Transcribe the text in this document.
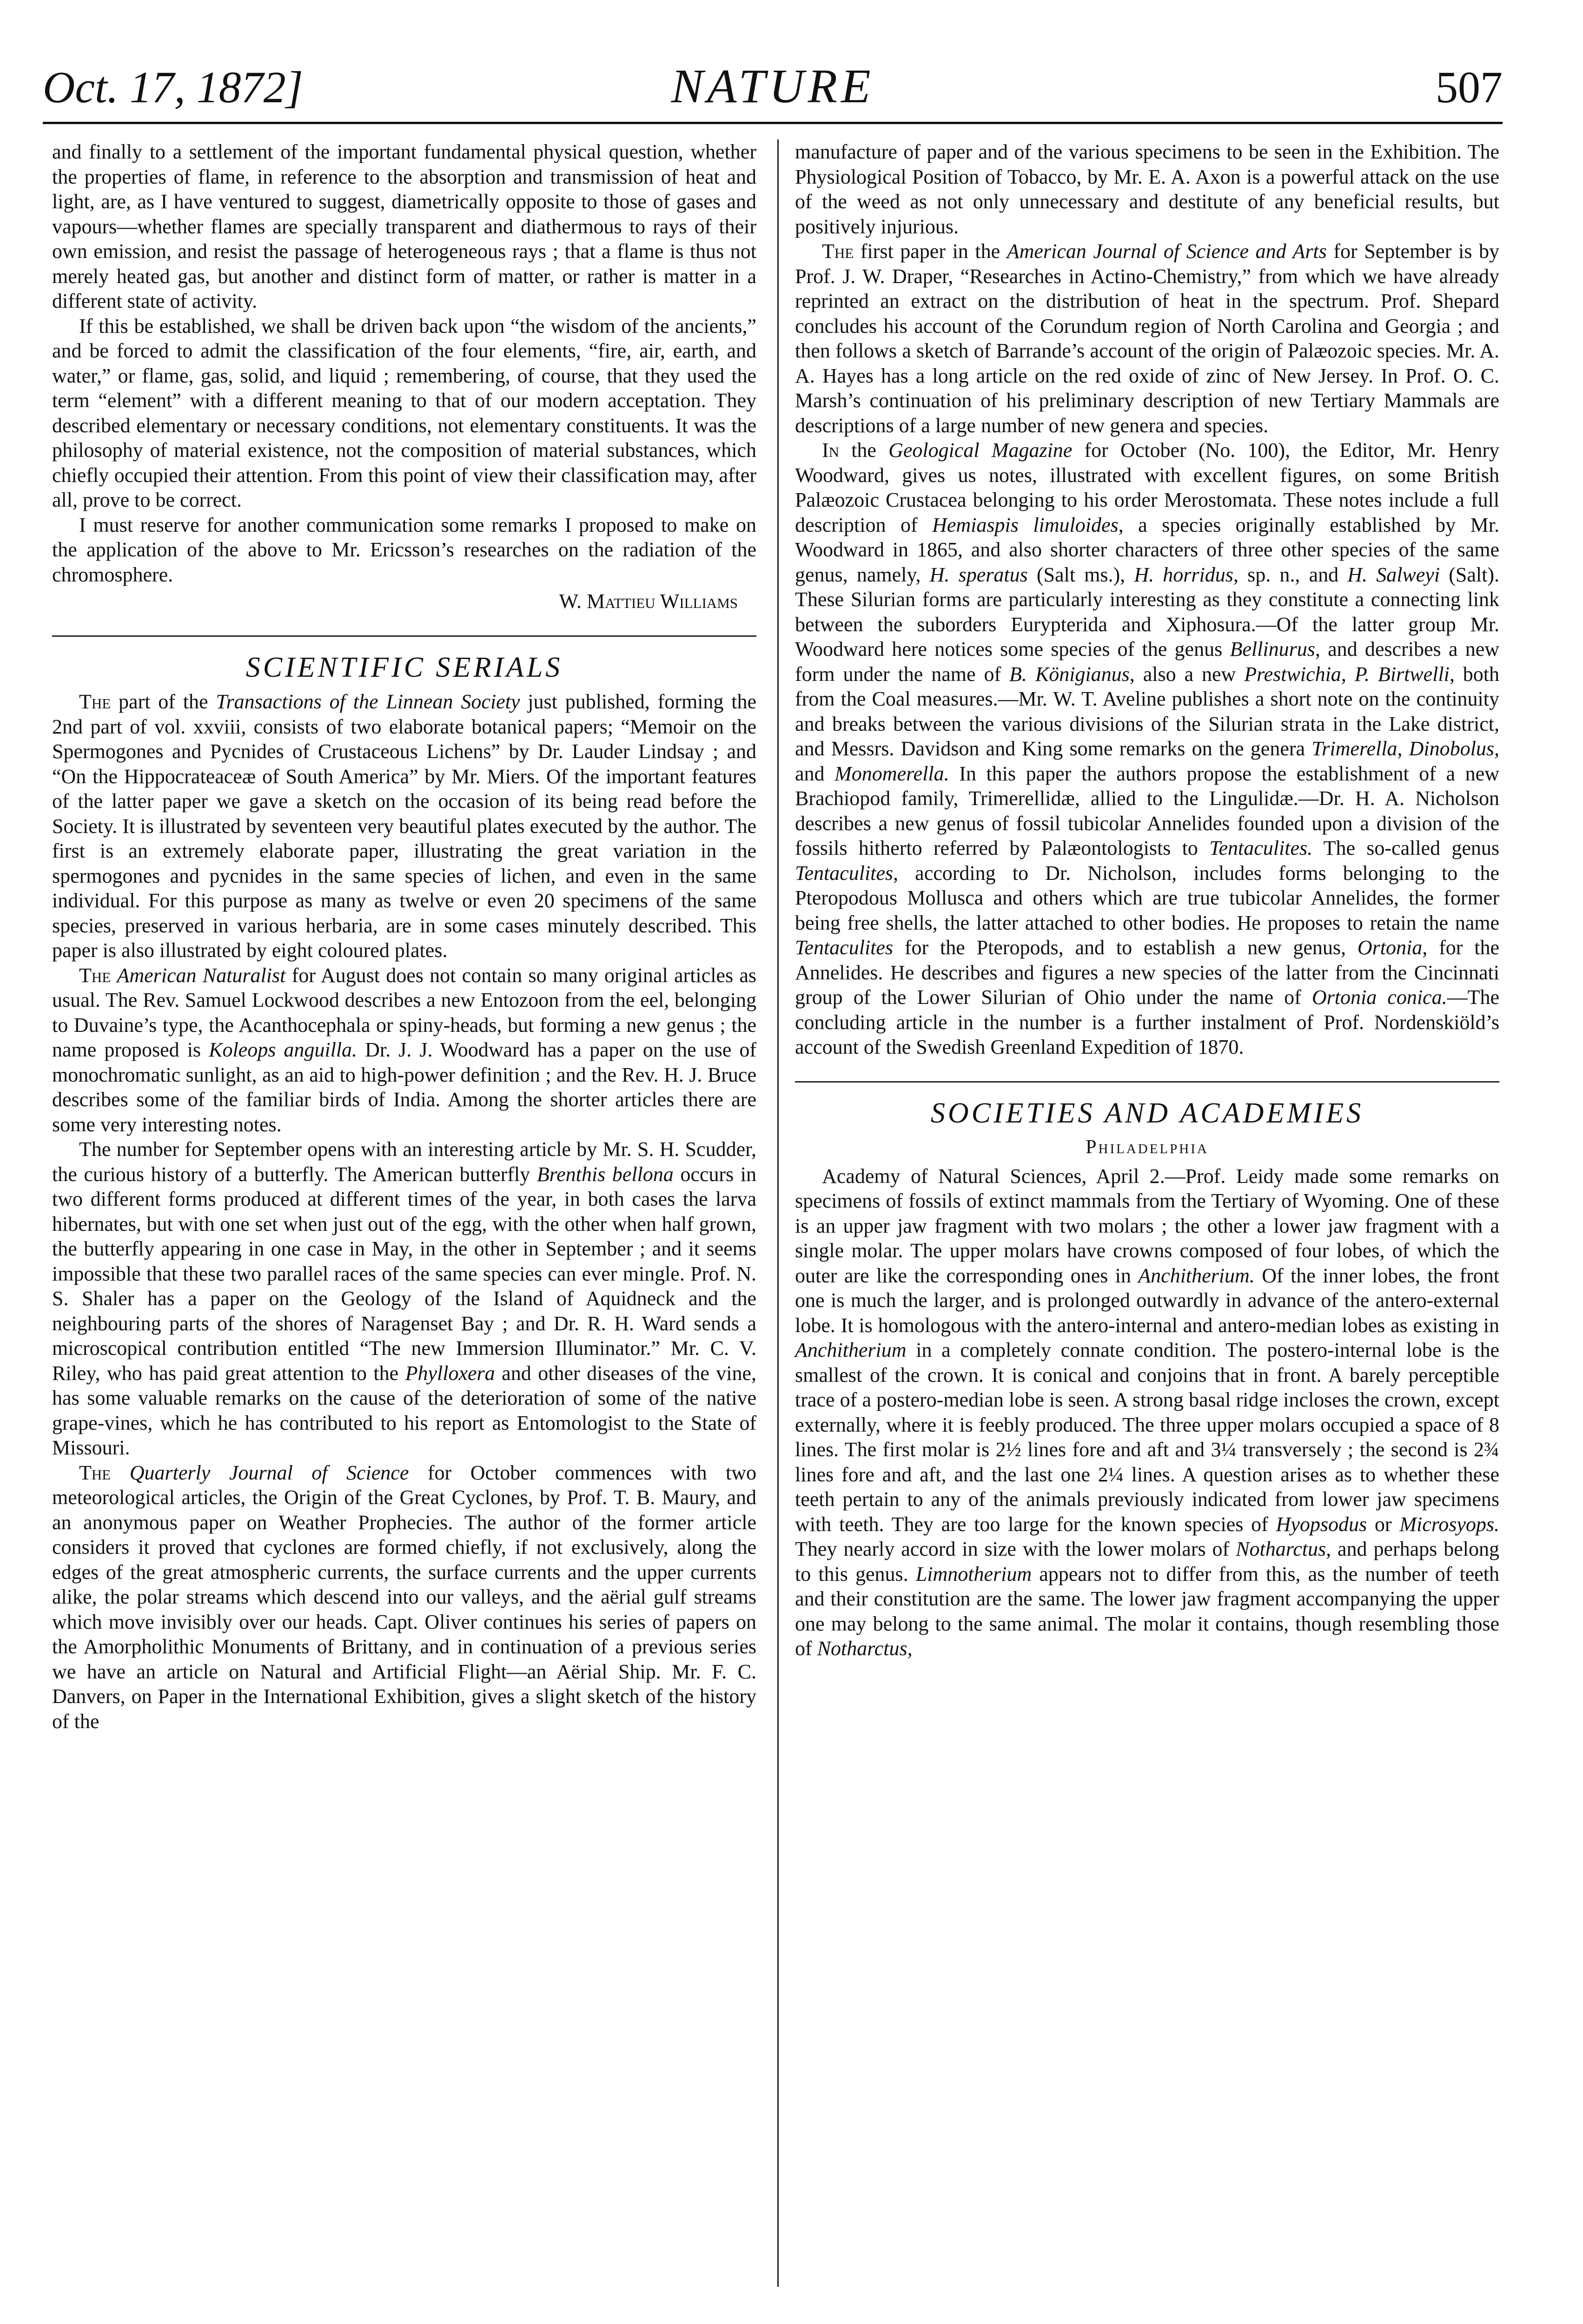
Oct. 17, 1872]	NATURE	507

and finally to a settlement of the important fundamental physical question, whether the properties of flame, in reference to the absorption and transmission of heat and light, are, as I have ventured to suggest, diametrically opposite to those of gases and vapours—whether flames are specially transparent and diathermous to rays of their own emission, and resist the passage of heterogeneous rays ; that a flame is thus not merely heated gas, but another and distinct form of matter, or rather is matter in a different state of activity.

If this be established, we shall be driven back upon “the wisdom of the ancients,” and be forced to admit the classification of the four elements, “fire, air, earth, and water,” or flame, gas, solid, and liquid ; remembering, of course, that they used the term “element” with a different meaning to that of our modern acceptation. They described elementary or necessary conditions, not elementary constituents. It was the philosophy of material existence, not the composition of material substances, which chiefly occupied their attention. From this point of view their classification may, after all, prove to be correct.

I must reserve for another communication some remarks I proposed to make on the application of the above to Mr. Ericsson’s researches on the radiation of the chromosphere.

W. Mattieu Williams
SCIENTIFIC SERIALS

The part of the Transactions of the Linnean Society just published, forming the 2nd part of vol. xxviii, consists of two elaborate botanical papers; “Memoir on the Spermogones and Pycnides of Crustaceous Lichens” by Dr. Lauder Lindsay ; and “On the Hippocrateaceæ of South America” by Mr. Miers. Of the important features of the latter paper we gave a sketch on the occasion of its being read before the Society. It is illustrated by seventeen very beautiful plates executed by the author. The first is an extremely elaborate paper, illustrating the great variation in the spermogones and pycnides in the same species of lichen, and even in the same individual. For this purpose as many as twelve or even 20 specimens of the same species, preserved in various herbaria, are in some cases minutely described. This paper is also illustrated by eight coloured plates.

The American Naturalist for August does not contain so many original articles as usual. The Rev. Samuel Lockwood describes a new Entozoon from the eel, belonging to Duvaine’s type, the Acanthocephala or spiny-heads, but forming a new genus ; the name proposed is Koleops anguilla. Dr. J. J. Woodward has a paper on the use of monochromatic sunlight, as an aid to high-power definition ; and the Rev. H. J. Bruce describes some of the familiar birds of India. Among the shorter articles there are some very interesting notes.

The number for September opens with an interesting article by Mr. S. H. Scudder, the curious history of a butterfly. The American butterfly Brenthis bellona occurs in two different forms produced at different times of the year, in both cases the larva hibernates, but with one set when just out of the egg, with the other when half grown, the butterfly appearing in one case in May, in the other in September ; and it seems impossible that these two parallel races of the same species can ever mingle. Prof. N. S. Shaler has a paper on the Geology of the Island of Aquidneck and the neighbouring parts of the shores of Naragenset Bay ; and Dr. R. H. Ward sends a microscopical contribution entitled “The new Immersion Illuminator.” Mr. C. V. Riley, who has paid great attention to the Phylloxera and other diseases of the vine, has some valuable remarks on the cause of the deterioration of some of the native grape-vines, which he has contributed to his report as Entomologist to the State of Missouri.

The Quarterly Journal of Science for October commences with two meteorological articles, the Origin of the Great Cyclones, by Prof. T. B. Maury, and an anonymous paper on Weather Prophecies. The author of the former article considers it proved that cyclones are formed chiefly, if not exclusively, along the edges of the great atmospheric currents, the surface currents and the upper currents alike, the polar streams which descend into our valleys, and the aërial gulf streams which move invisibly over our heads. Capt. Oliver continues his series of papers on the Amorpholithic Monuments of Brittany, and in continuation of a previous series we have an article on Natural and Artificial Flight—an Aërial Ship. Mr. F. C. Danvers, on Paper in the International Exhibition, gives a slight sketch of the history of the

manufacture of paper and of the various specimens to be seen in the Exhibition. The Physiological Position of Tobacco, by Mr. E. A. Axon is a powerful attack on the use of the weed as not only unnecessary and destitute of any beneficial results, but positively injurious.

The first paper in the American Journal of Science and Arts for September is by Prof. J. W. Draper, “Researches in Actino-Chemistry,” from which we have already reprinted an extract on the distribution of heat in the spectrum. Prof. Shepard concludes his account of the Corundum region of North Carolina and Georgia ; and then follows a sketch of Barrande’s account of the origin of Palæozoic species. Mr. A. A. Hayes has a long article on the red oxide of zinc of New Jersey. In Prof. O. C. Marsh’s continuation of his preliminary description of new Tertiary Mammals are descriptions of a large number of new genera and species.

In the Geological Magazine for October (No. 100), the Editor, Mr. Henry Woodward, gives us notes, illustrated with excellent figures, on some British Palæozoic Crustacea belonging to his order Merostomata. These notes include a full description of Hemiaspis limuloides, a species originally established by Mr. Woodward in 1865, and also shorter characters of three other species of the same genus, namely, H. speratus (Salt ms.), H. horridus, sp. n., and H. Salweyi (Salt). These Silurian forms are particularly interesting as they constitute a connecting link between the suborders Eurypterida and Xiphosura.—Of the latter group Mr. Woodward here notices some species of the genus Bellinurus, and describes a new form under the name of B. Königianus, also a new Prestwichia, P. Birtwelli, both from the Coal measures.—Mr. W. T. Aveline publishes a short note on the continuity and breaks between the various divisions of the Silurian strata in the Lake district, and Messrs. Davidson and King some remarks on the genera Trimerella, Dinobolus, and Monomerella. In this paper the authors propose the establishment of a new Brachiopod family, Trimerellidæ, allied to the Lingulidæ.—Dr. H. A. Nicholson describes a new genus of fossil tubicolar Annelides founded upon a division of the fossils hitherto referred by Palæontologists to Tentaculites. The so-called genus Tentaculites, according to Dr. Nicholson, includes forms belonging to the Pteropodous Mollusca and others which are true tubicolar Annelides, the former being free shells, the latter attached to other bodies. He proposes to retain the name Tentaculites for the Pteropods, and to establish a new genus, Ortonia, for the Annelides. He describes and figures a new species of the latter from the Cincinnati group of the Lower Silurian of Ohio under the name of Ortonia conica.—The concluding article in the number is a further instalment of Prof. Nordenskiöld’s account of the Swedish Greenland Expedition of 1870.

SOCIETIES AND ACADEMIES
Philadelphia

Academy of Natural Sciences, April 2.—Prof. Leidy made some remarks on specimens of fossils of extinct mammals from the Tertiary of Wyoming. One of these is an upper jaw fragment with two molars ; the other a lower jaw fragment with a single molar. The upper molars have crowns composed of four lobes, of which the outer are like the corresponding ones in Anchitherium. Of the inner lobes, the front one is much the larger, and is prolonged outwardly in advance of the antero-external lobe. It is homologous with the antero-internal and antero-median lobes as existing in Anchitherium in a completely connate condition. The postero-internal lobe is the smallest of the crown. It is conical and conjoins that in front. A barely perceptible trace of a postero-median lobe is seen. A strong basal ridge incloses the crown, except externally, where it is feebly produced. The three upper molars occupied a space of 8 lines. The first molar is 2½ lines fore and aft and 3¼ transversely ; the second is 2¾ lines fore and aft, and the last one 2¼ lines. A question arises as to whether these teeth pertain to any of the animals previously indicated from lower jaw specimens with teeth. They are too large for the known species of Hyopsodus or Microsyops. They nearly accord in size with the lower molars of Notharctus, and perhaps belong to this genus. Limnotherium appears not to differ from this, as the number of teeth and their constitution are the same. The lower jaw fragment accompanying the upper one may belong to the same animal. The molar it contains, though resembling those of Notharctus,
